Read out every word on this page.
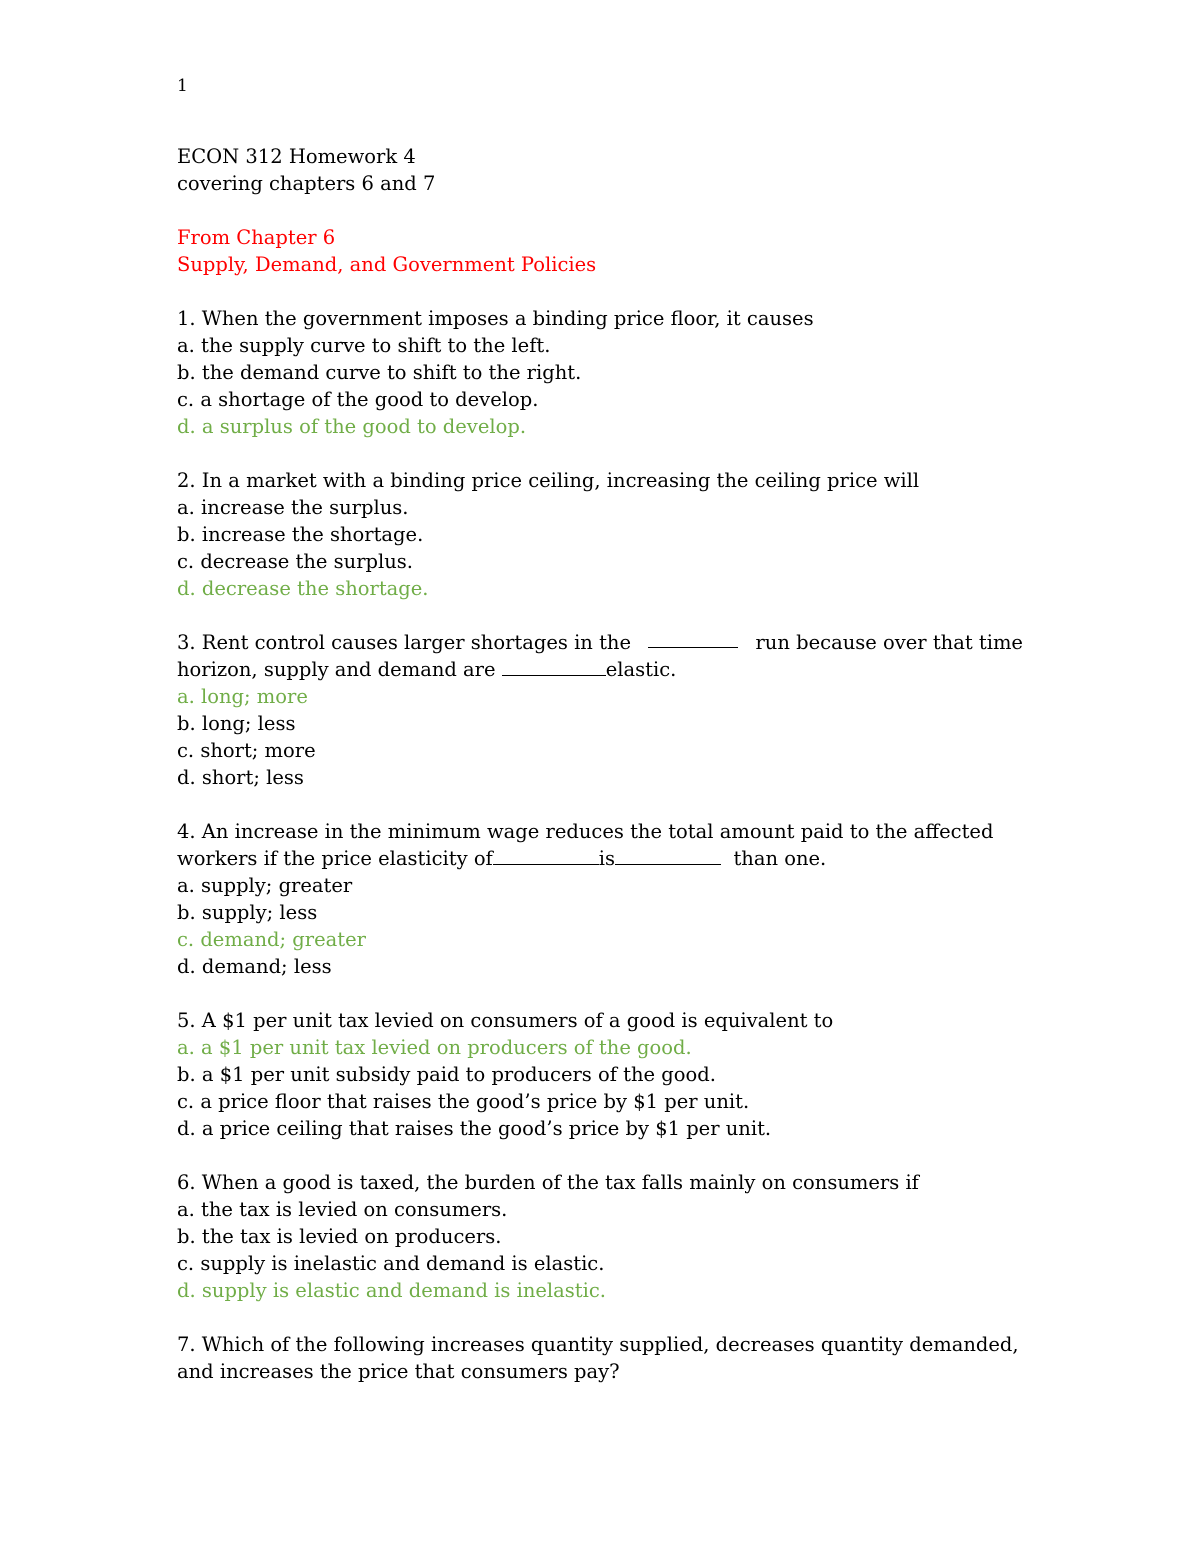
1
ECON 312 Homework 4
covering chapters 6 and 7
From Chapter 6
Supply, Demand, and Government Policies
1. When the government imposes a binding price floor, it causes
a. the supply curve to shift to the left.
b. the demand curve to shift to the right.
c. a shortage of the good to develop.
d. a surplus of the good to develop.
2. In a market with a binding price ceiling, increasing the ceiling price will
a. increase the surplus.
b. increase the shortage.
c. decrease the surplus.
d. decrease the shortage.
3. Rent control causes larger shortages in the	run because over that time
horizon, supply and demand are	elastic.
a. long; more
b. long; less
c. short; more
d. short; less
4. An increase in the minimum wage reduces the total amount paid to the affected
workers if the price elasticity of	is	than one.
a. supply; greater
b. supply; less
c. demand; greater
d. demand; less
5. A $1 per unit tax levied on consumers of a good is equivalent to
a. a $1 per unit tax levied on producers of the good.
b. a $1 per unit subsidy paid to producers of the good.
c. a price floor that raises the good’s price by $1 per unit.
d. a price ceiling that raises the good’s price by $1 per unit.
6. When a good is taxed, the burden of the tax falls mainly on consumers if
a. the tax is levied on consumers.
b. the tax is levied on producers.
c. supply is inelastic and demand is elastic.
d. supply is elastic and demand is inelastic.
7. Which of the following increases quantity supplied, decreases quantity demanded,
and increases the price that consumers pay?
